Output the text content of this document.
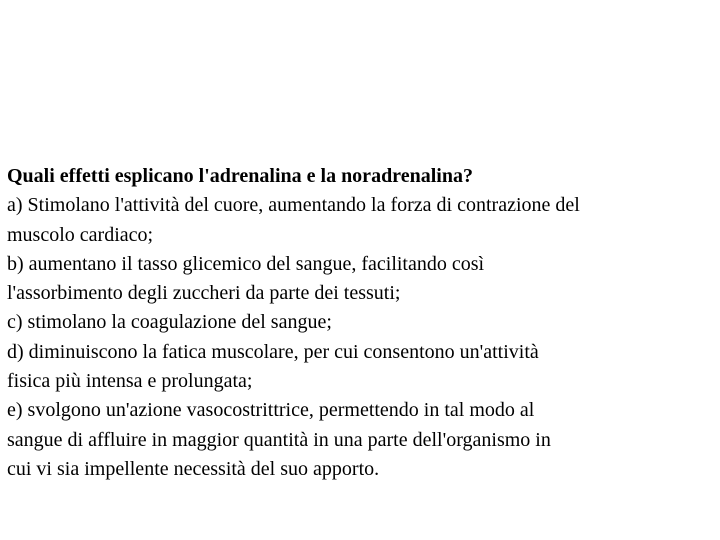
Quali effetti esplicano l'adrenalina e la noradrenalina?

a) Stimolano l'attività del cuore, aumentando la forza di contrazione del

muscolo cardiaco;

b) aumentano il tasso glicemico del sangue, facilitando così

l'assorbimento degli zuccheri da parte dei tessuti;

c) stimolano la coagulazione del sangue;

d) diminuiscono la fatica muscolare, per cui consentono un'attività

fisica più intensa e prolungata;

e) svolgono un'azione vasocostrittrice, permettendo in tal modo al

sangue di affluire in maggior quantità in una parte dell'organismo in

cui vi sia impellente necessità del suo apporto.
